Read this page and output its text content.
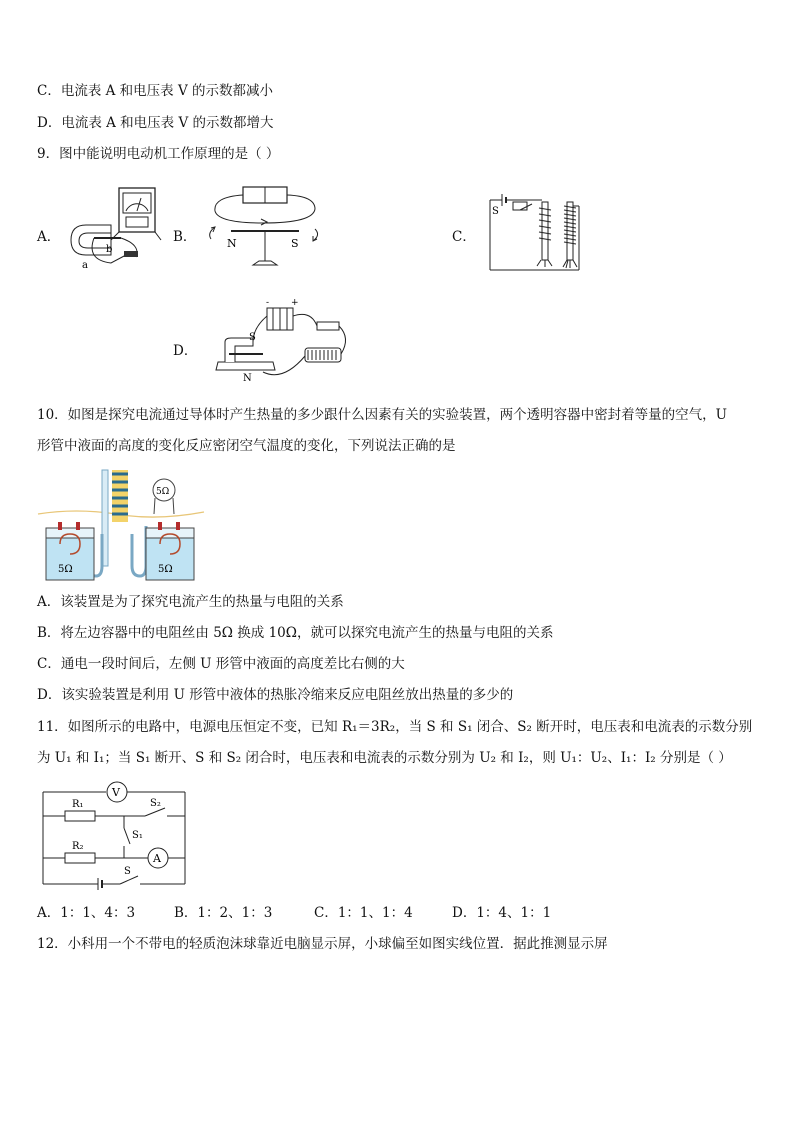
C．电流表 A 和电压表 V 的示数都减小
D．电流表 A 和电压表 V 的示数都增大
9．图中能说明电动机工作原理的是（ ）
A．	B．	C．
D．
b
a
N	S
S
- +
S
N
10．如图是探究电流通过导体时产生热量的多少跟什么因素有关的实验装置，两个透明容器中密封着等量的空气，U
形管中液面的高度的变化反应密闭空气温度的变化，下列说法正确的是
5Ω	5Ω
5Ω
A．该装置是为了探究电流产生的热量与电阻的关系
B．将左边容器中的电阻丝由 5Ω 换成 10Ω，就可以探究电流产生的热量与电阻的关系
C．通电一段时间后，左侧 U 形管中液面的高度差比右侧的大
D．该实验装置是利用 U 形管中液体的热胀冷缩来反应电阻丝放出热量的多少的
11．如图所示的电路中，电源电压恒定不变，已知 R₁＝3R₂，当 S 和 S₁ 闭合、S₂ 断开时，电压表和电流表的示数分别
为 U₁ 和 I₁；当 S₁ 断开、S 和 S₂ 闭合时，电压表和电流表的示数分别为 U₂ 和 I₂，则 U₁：U₂、I₁：I₂ 分别是（ ）
V
R₁	S₂
S₁
R₂
A
S
A．1：1、4：3	B．1：2、1：3	C．1：1、1：4	D．1：4、1：1
12．小科用一个不带电的轻质泡沫球靠近电脑显示屏，小球偏至如图实线位置．据此推测显示屏
